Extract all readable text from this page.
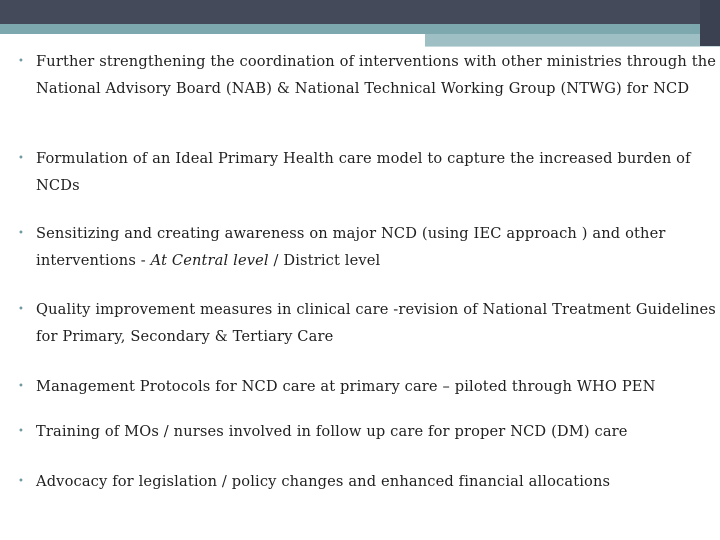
• Further strengthening the coordination of interventions with other ministries through the National Advisory Board (NAB) & National Technical Working Group (NTWG) for NCD
• Formulation of an Ideal Primary Health care model to capture the increased burden of NCDs
• Sensitizing and creating awareness on major NCD (using IEC approach ) and other interventions - At Central level / District level
• Quality improvement measures in clinical care -revision of National Treatment Guidelines for Primary, Secondary & Tertiary Care
• Management Protocols for NCD care at primary care – piloted through WHO PEN
• Training of MOs / nurses involved in follow up care for proper NCD (DM) care
• Advocacy for legislation / policy changes and enhanced financial allocations
